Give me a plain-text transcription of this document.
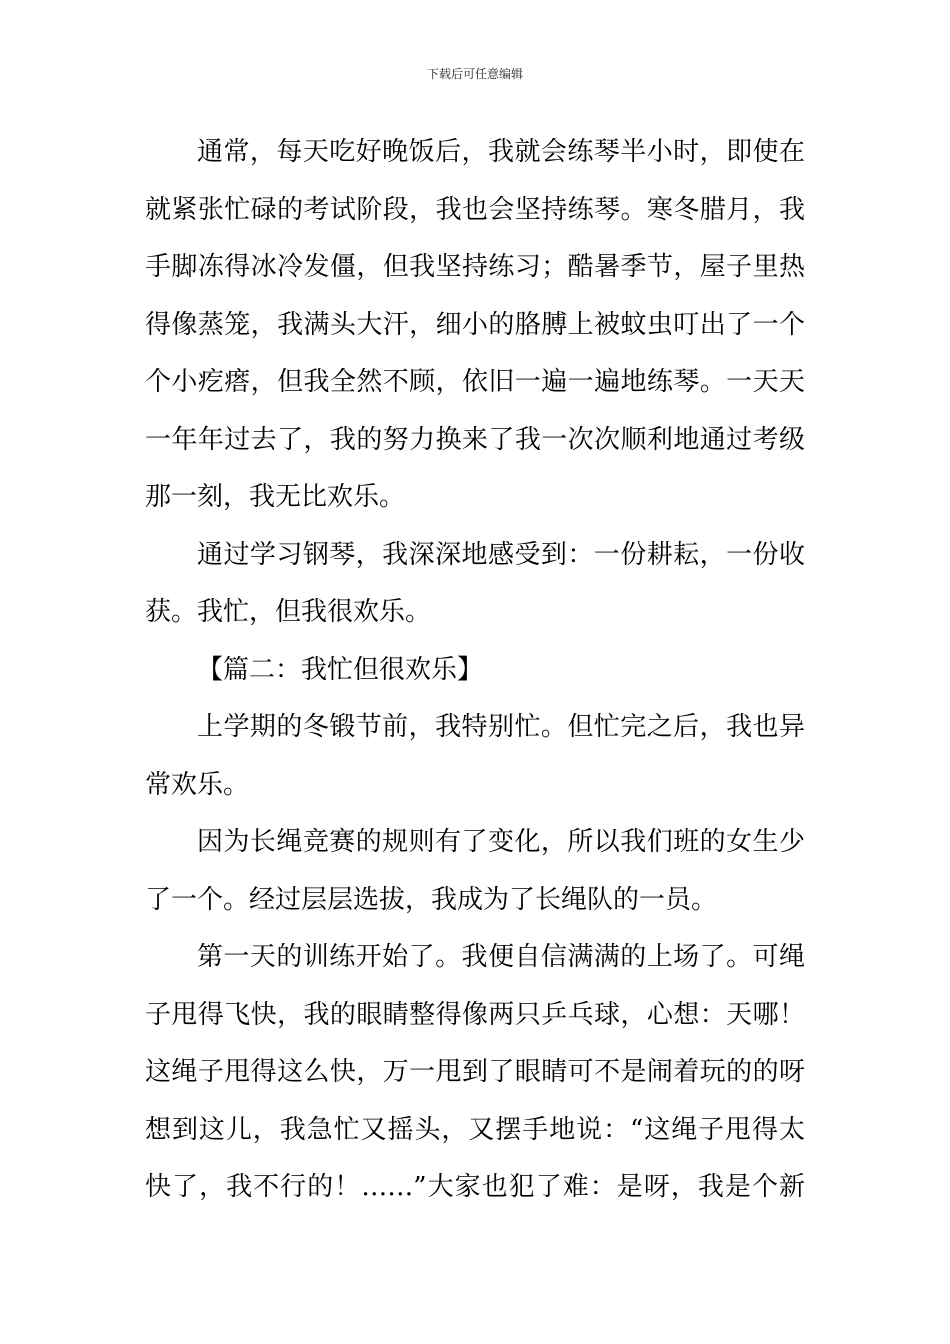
下载后可任意编辑
通常，每天吃好晚饭后，我就会练琴半小时，即使在
就紧张忙碌的考试阶段，我也会坚持练琴。寒冬腊月，我
手脚冻得冰冷发僵，但我坚持练习；酷暑季节，屋子里热
得像蒸笼，我满头大汗，细小的胳膊上被蚊虫叮出了一个
个小疙瘩，但我全然不顾，依旧一遍一遍地练琴。一天天
一年年过去了，我的努力换来了我一次次顺利地通过考级
那一刻，我无比欢乐。
通过学习钢琴，我深深地感受到：一份耕耘，一份收
获。我忙，但我很欢乐。
【篇二：我忙但很欢乐】
上学期的冬锻节前，我特别忙。但忙完之后，我也异
常欢乐。
因为长绳竞赛的规则有了变化，所以我们班的女生少
了一个。经过层层选拔，我成为了长绳队的一员。
第一天的训练开始了。我便自信满满的上场了。可绳
子甩得飞快，我的眼睛整得像两只乒乓球，心想：天哪！
这绳子甩得这么快，万一甩到了眼睛可不是闹着玩的的呀
想到这儿，我急忙又摇头，又摆手地说：“这绳子甩得太
快了，我不行的！……”大家也犯了难：是呀，我是个新
